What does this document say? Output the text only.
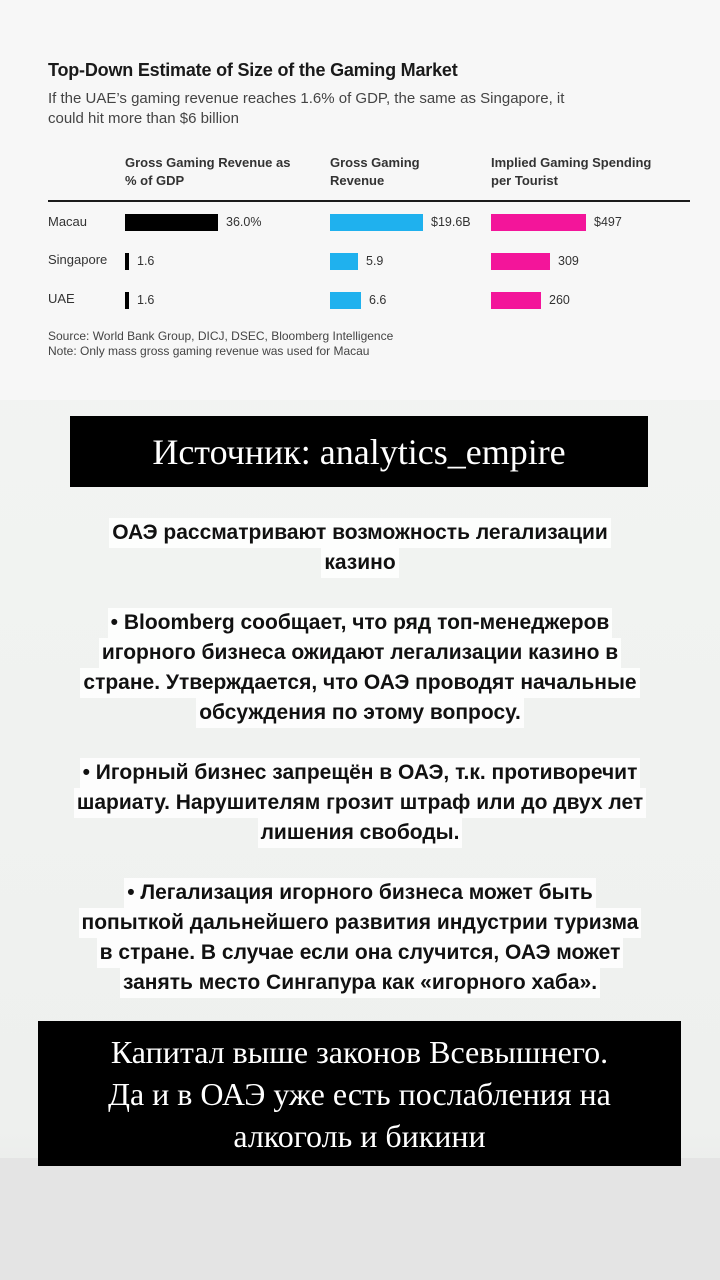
Top-Down Estimate of Size of the Gaming Market
If the UAE’s gaming revenue reaches 1.6% of GDP, the same as Singapore, it
could hit more than $6 billion
Gross Gaming Revenue as
% of GDP
Gross Gaming
Revenue
Implied Gaming Spending
per Tourist
Macau	36.0%	$19.6B	$497
Singapore 1.6	5.9	309
UAE	1.6	6.6	260
Source: World Bank Group, DICJ, DSEC, Bloomberg Intelligence
Note: Only mass gross gaming revenue was used for Macau
Источник: analytics_empire
ОАЭ рассматривают возможность легализации
казино
• Bloomberg сообщает, что ряд топ-менеджеров
игорного бизнеса ожидают легализации казино в
стране. Утверждается, что ОАЭ проводят начальные
обсуждения по этому вопросу.
• Игорный бизнес запрещён в ОАЭ, т.к. противоречит
шариату. Нарушителям грозит штраф или до двух лет
лишения свободы.
• Легализация игорного бизнеса может быть
попыткой дальнейшего развития индустрии туризма
в стране. В случае если она случится, ОАЭ может
занять место Сингапура как «игорного хаба».
Капитал выше законов Всевышнего.
Да и в ОАЭ уже есть послабления на
алкоголь и бикини
